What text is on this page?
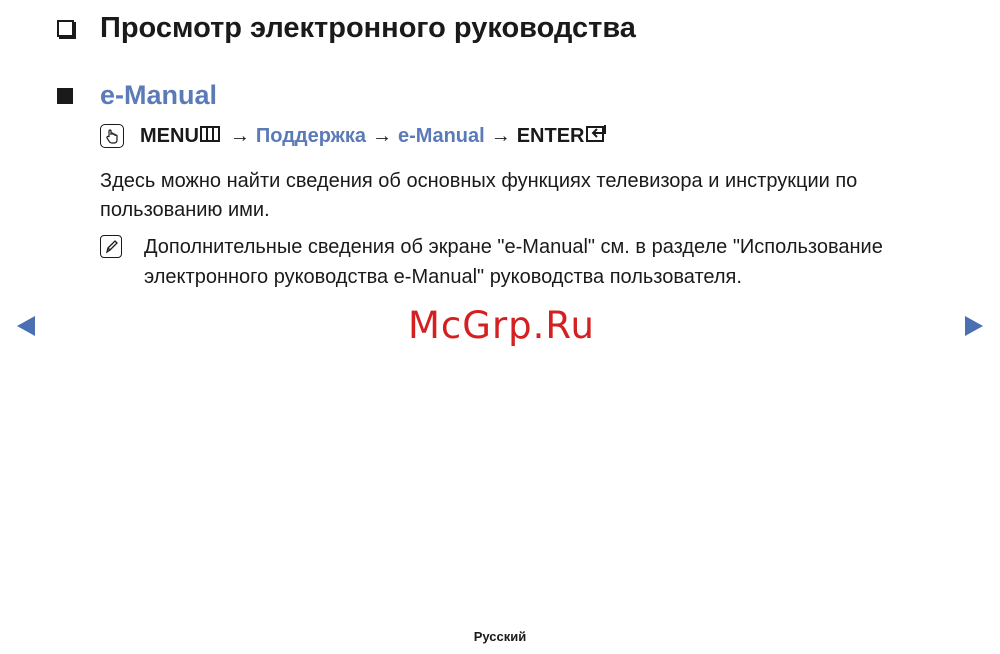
Просмотр электронного руководства
e-Manual
MENU → Поддержка → e-Manual → ENTER
Здесь можно найти сведения об основных функциях телевизора и инструкции по пользованию ими.
Дополнительные сведения об экране "e-Manual" см. в разделе "Использование электронного руководства e-Manual" руководства пользователя.
McGrp.Ru
Русский
